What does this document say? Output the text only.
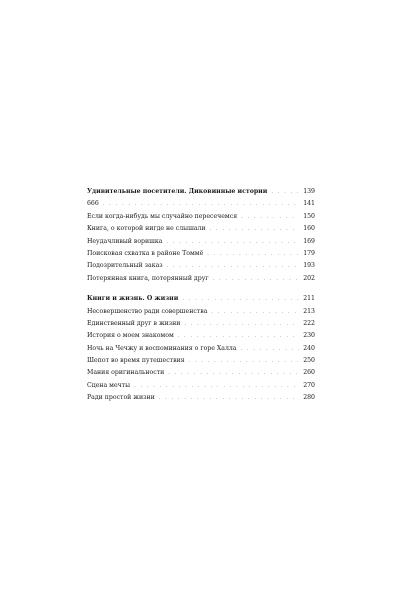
Удивительные посетители. Диковинные истории . . .	139
666 . . .	141
Если когда-нибудь мы случайно пересечемся . . .	150
Книга, о которой нигде не слышали . . .	160
Неудачливый воришка . . .	169
Поисковая схватка в районе Томмё . . .	179
Подозрительный заказ . . .	193
Потерянная книга, потерянный друг . . .	202
Книги и жизнь. О жизни . . .	211
Несовершенство ради совершенства . . .	213
Единственный друг в жизни . . .	222
История о моем знакомом . . .	230
Ночь на Чечжу и воспоминания о горе Халла . . .	240
Шепот во время путешествия . . .	250
Мания оригинальности . . .	260
Сцена мечты . . .	270
Ради простой жизни . . .	280
